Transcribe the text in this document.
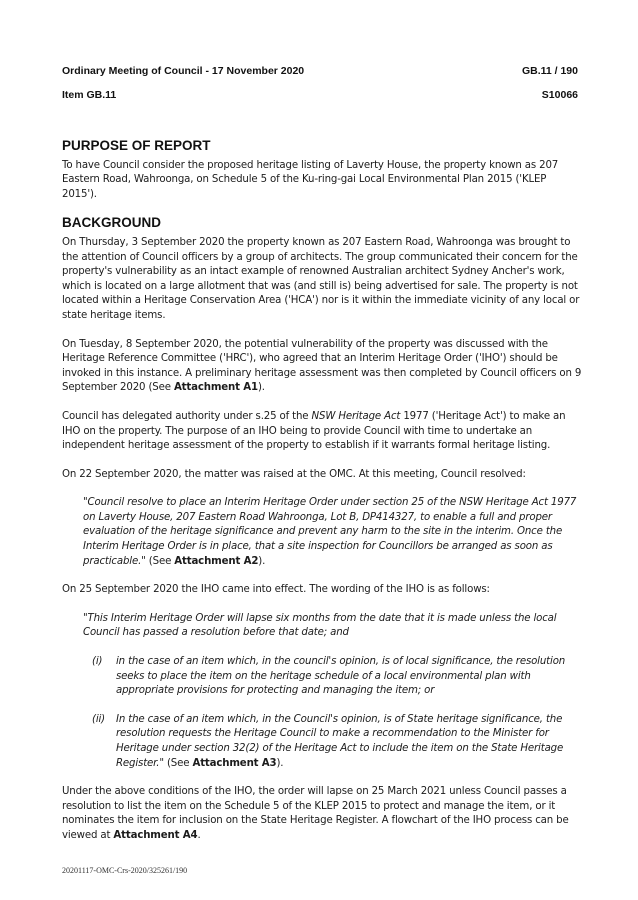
Ordinary Meeting of Council - 17 November 2020	GB.11 / 190
Item GB.11	S10066
PURPOSE OF REPORT

To have Council consider the proposed heritage listing of Laverty House, the property known as 207 Eastern Road, Wahroonga, on Schedule 5 of the Ku-ring-gai Local Environmental Plan 2015 ('KLEP 2015').

BACKGROUND

On Thursday, 3 September 2020 the property known as 207 Eastern Road, Wahroonga was brought to the attention of Council officers by a group of architects. The group communicated their concern for the property's vulnerability as an intact example of renowned Australian architect Sydney Ancher's work, which is located on a large allotment that was (and still is) being advertised for sale. The property is not located within a Heritage Conservation Area ('HCA') nor is it within the immediate vicinity of any local or state heritage items.

On Tuesday, 8 September 2020, the potential vulnerability of the property was discussed with the Heritage Reference Committee ('HRC'), who agreed that an Interim Heritage Order ('IHO') should be invoked in this instance. A preliminary heritage assessment was then completed by Council officers on 9 September 2020 (See Attachment A1).

Council has delegated authority under s.25 of the NSW Heritage Act 1977 ('Heritage Act') to make an IHO on the property. The purpose of an IHO being to provide Council with time to undertake an independent heritage assessment of the property to establish if it warrants formal heritage listing.

On 22 September 2020, the matter was raised at the OMC. At this meeting, Council resolved:

"Council resolve to place an Interim Heritage Order under section 25 of the NSW Heritage Act 1977 on Laverty House, 207 Eastern Road Wahroonga, Lot B, DP414327, to enable a full and proper evaluation of the heritage significance and prevent any harm to the site in the interim. Once the Interim Heritage Order is in place, that a site inspection for Councillors be arranged as soon as practicable." (See Attachment A2).

On 25 September 2020 the IHO came into effect. The wording of the IHO is as follows:

"This Interim Heritage Order will lapse six months from the date that it is made unless the local Council has passed a resolution before that date; and

(i) in the case of an item which, in the council's opinion, is of local significance, the resolution seeks to place the item on the heritage schedule of a local environmental plan with appropriate provisions for protecting and managing the item; or
(ii) In the case of an item which, in the Council's opinion, is of State heritage significance, the resolution requests the Heritage Council to make a recommendation to the Minister for Heritage under section 32(2) of the Heritage Act to include the item on the State Heritage Register." (See Attachment A3).

Under the above conditions of the IHO, the order will lapse on 25 March 2021 unless Council passes a resolution to list the item on the Schedule 5 of the KLEP 2015 to protect and manage the item, or it nominates the item for inclusion on the State Heritage Register. A flowchart of the IHO process can be viewed at Attachment A4.

20201117-OMC-Crs-2020/325261/190
